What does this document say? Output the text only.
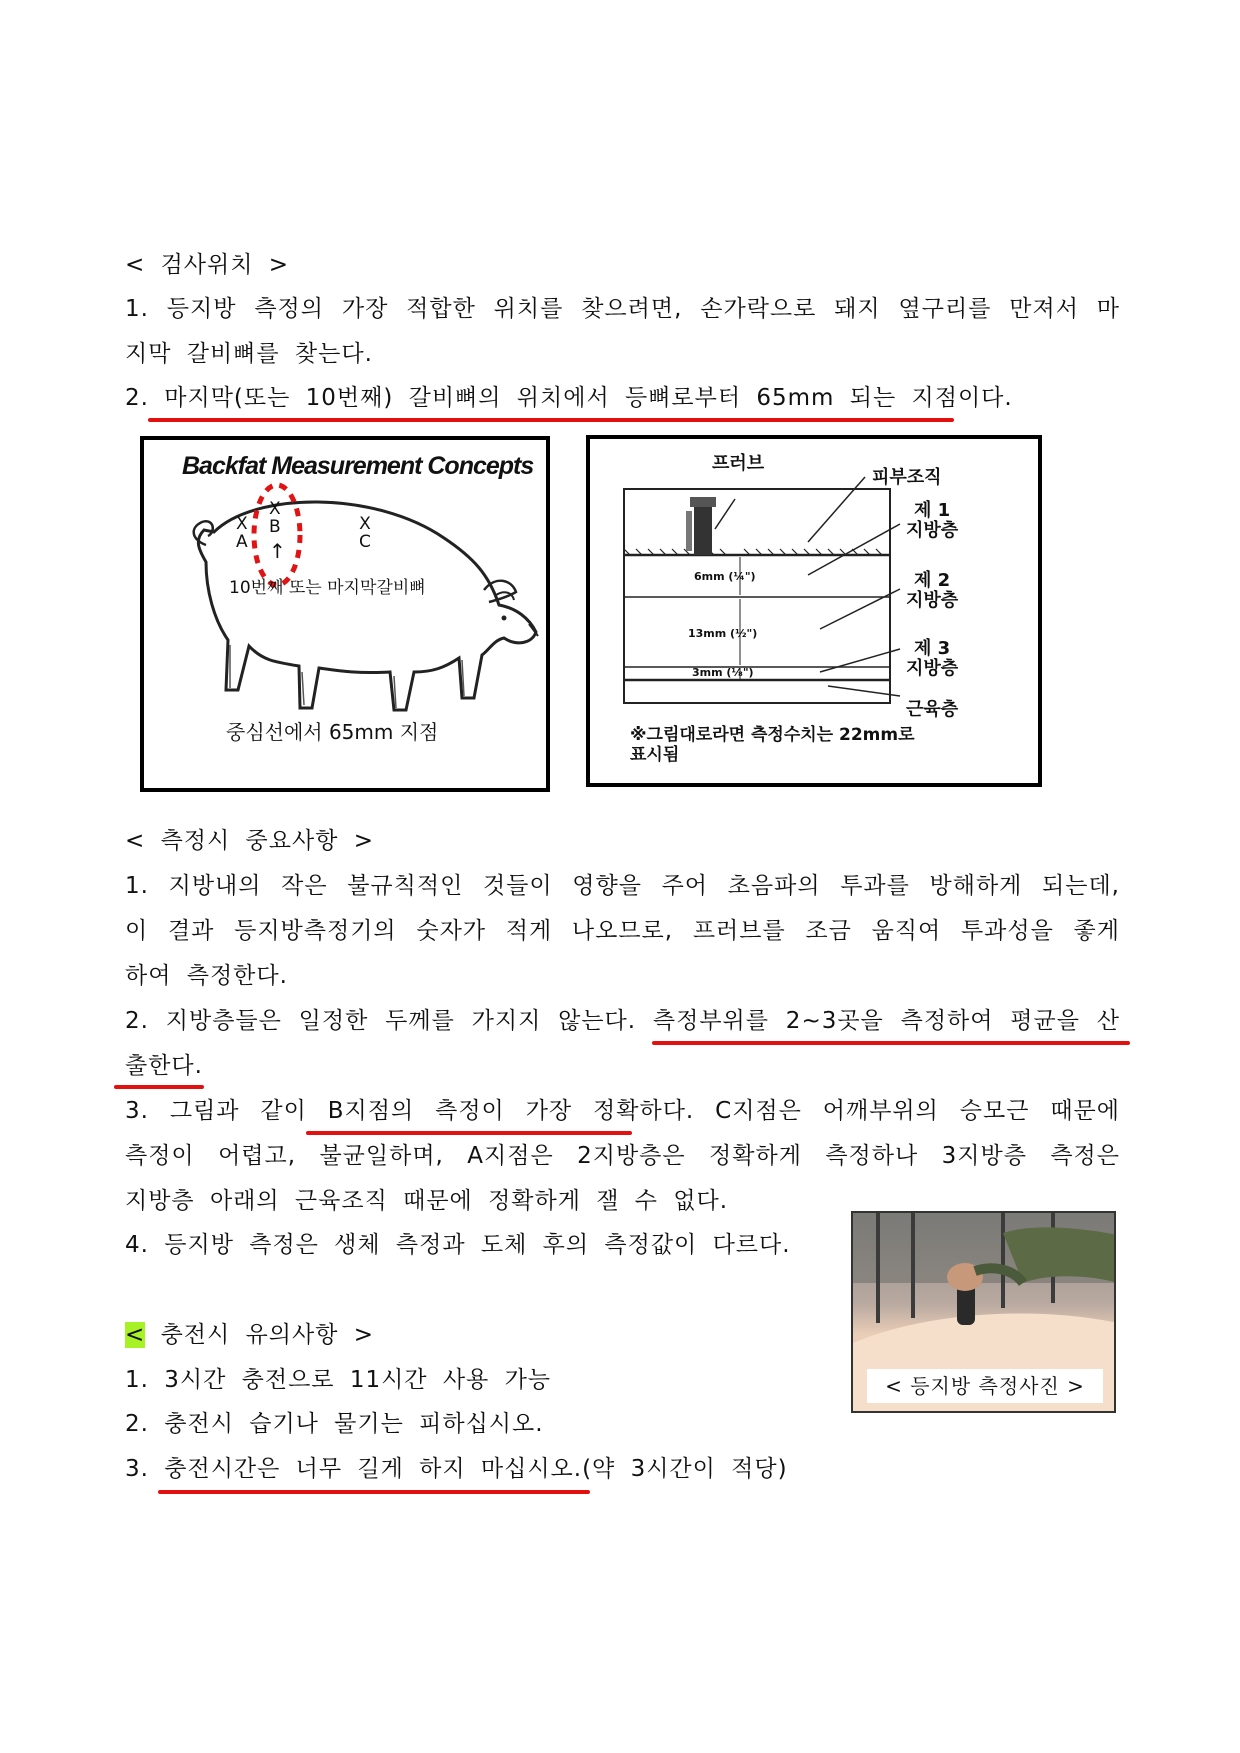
< 검사위치 >
1. 등지방 측정의 가장 적합한 위치를 찾으려면, 손가락으로 돼지 옆구리를 만져서 마
지막 갈비뼈를 찾는다.
2. 마지막(또는 10번째) 갈비뼈의 위치에서 등뼈로부터 65mm 되는 지점이다.
Backfat Measurement Concepts
X
A
X
B
↑
X
C
10번째 또는 마지막갈비뼈
중심선에서 65mm 지점
프러브
피부조직
제 1
지방층
제 2
지방층
제 3
지방층
근육층
6mm (¼")
13mm (½")
3mm (⅛")
※그림대로라면 측정수치는 22mm로
표시됨
< 측정시 중요사항 >
1. 지방내의 작은 불규칙적인 것들이 영향을 주어 초음파의 투과를 방해하게 되는데,
이 결과 등지방측정기의 숫자가 적게 나오므로, 프러브를 조금 움직여 투과성을 좋게
하여 측정한다.
2. 지방층들은 일정한 두께를 가지지 않는다. 측정부위를 2~3곳을 측정하여 평균을 산
출한다.
3. 그림과 같이 B지점의 측정이 가장 정확하다. C지점은 어깨부위의 승모근 때문에
측정이 어렵고, 불균일하며, A지점은 2지방층은 정확하게 측정하나 3지방층 측정은
지방층 아래의 근육조직 때문에 정확하게 잴 수 없다.
4. 등지방 측정은 생체 측정과 도체 후의 측정값이 다르다.
< 등지방 측정사진 >
< 충전시 유의사항 >
1. 3시간 충전으로 11시간 사용 가능
2. 충전시 습기나 물기는 피하십시오.
3. 충전시간은 너무 길게 하지 마십시오.(약 3시간이 적당)
